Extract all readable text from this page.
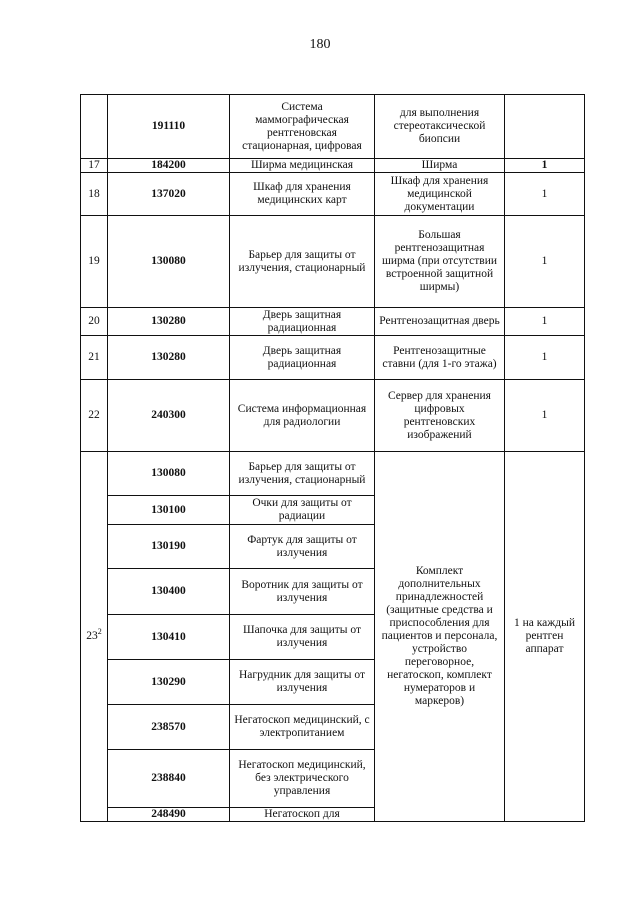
180
	191110	Система маммографическая рентгеновская стационарная, цифровая	для выполнения стереотаксической биопсии	
17	184200	Ширма медицинская	Ширма	1
18	137020	Шкаф для хранения медицинских карт	Шкаф для хранения медицинской документации	1
19	130080	Барьер для защиты от излучения, стационарный	Большая рентгенозащитная ширма (при отсутствии встроенной защитной ширмы)	1
20	130280	Дверь защитная радиационная	Рентгенозащитная дверь	1
21	130280	Дверь защитная радиационная	Рентгенозащитные ставни (для 1-го этажа)	1
22	240300	Система информационная для радиологии	Сервер для хранения цифровых рентгеновских изображений	1
$23^2$	130080	Барьер для защиты от излучения, стационарный	Комплект дополнительных принадлежностей (защитные средства и приспособления для пациентов и персонала, устройство переговорное, негатоскоп, комплект нумераторов и маркеров)	1 на каждый рентген аппарат
	130100	Очки для защиты от радиации		
	130190	Фартук для защиты от излучения		
	130400	Воротник для защиты от излучения		
	130410	Шапочка для защиты от излучения		
	130290	Нагрудник для защиты от излучения		
	238570	Негатоскоп медицинский, с электропитанием		
	238840	Негатоскоп медицинский, без электрического управления		
	248490	Негатоскоп для		
